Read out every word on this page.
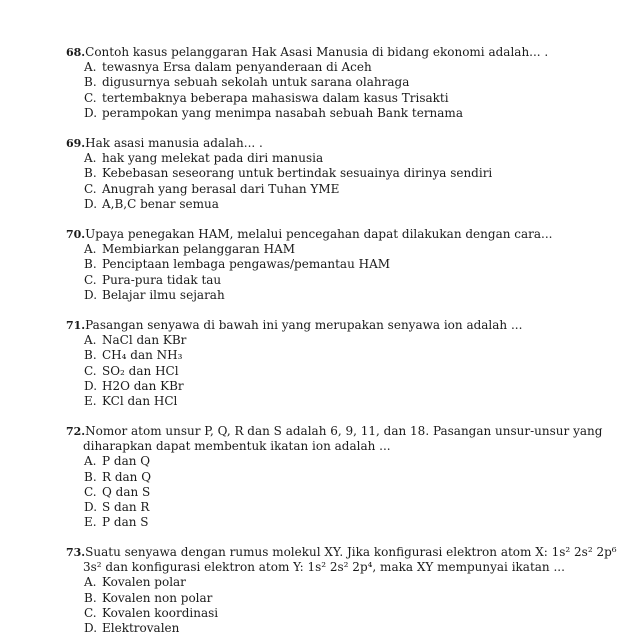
68.Contoh kasus pelanggaran Hak Asasi Manusia di bidang ekonomi adalah... .
A. tewasnya Ersa dalam penyanderaan di Aceh
B. digusurnya sebuah sekolah untuk sarana olahraga
C. tertembaknya beberapa mahasiswa dalam kasus Trisakti
D. perampokan yang menimpa nasabah sebuah Bank ternama
69.Hak asasi manusia adalah... .
A. hak yang melekat pada diri manusia
B. Kebebasan seseorang untuk bertindak sesuainya dirinya sendiri
C. Anugrah yang berasal dari Tuhan YME
D. A,B,C benar semua
70.Upaya penegakan HAM, melalui pencegahan dapat dilakukan dengan cara...
A. Membiarkan pelanggaran HAM
B. Penciptaan lembaga pengawas/pemantau HAM
C. Pura-pura tidak tau
D. Belajar ilmu sejarah
71.Pasangan senyawa di bawah ini yang merupakan senyawa ion adalah ...
A. NaCl dan KBr
B. CH₄ dan NH₃
C. SO₂ dan HCl
D. H2O dan KBr
E. KCl dan HCl
72.Nomor atom unsur P, Q, R dan S adalah 6, 9, 11, dan 18. Pasangan unsur-unsur yang
diharapkan dapat membentuk ikatan ion adalah ...
A. P dan Q
B. R dan Q
C. Q dan S
D. S dan R
E. P dan S
73.Suatu senyawa dengan rumus molekul XY. Jika konfigurasi elektron atom X: 1s² 2s² 2p⁶
3s² dan konfigurasi elektron atom Y: 1s² 2s² 2p⁴, maka XY mempunyai ikatan ...
A. Kovalen polar
B. Kovalen non polar
C. Kovalen koordinasi
D. Elektrovalen
